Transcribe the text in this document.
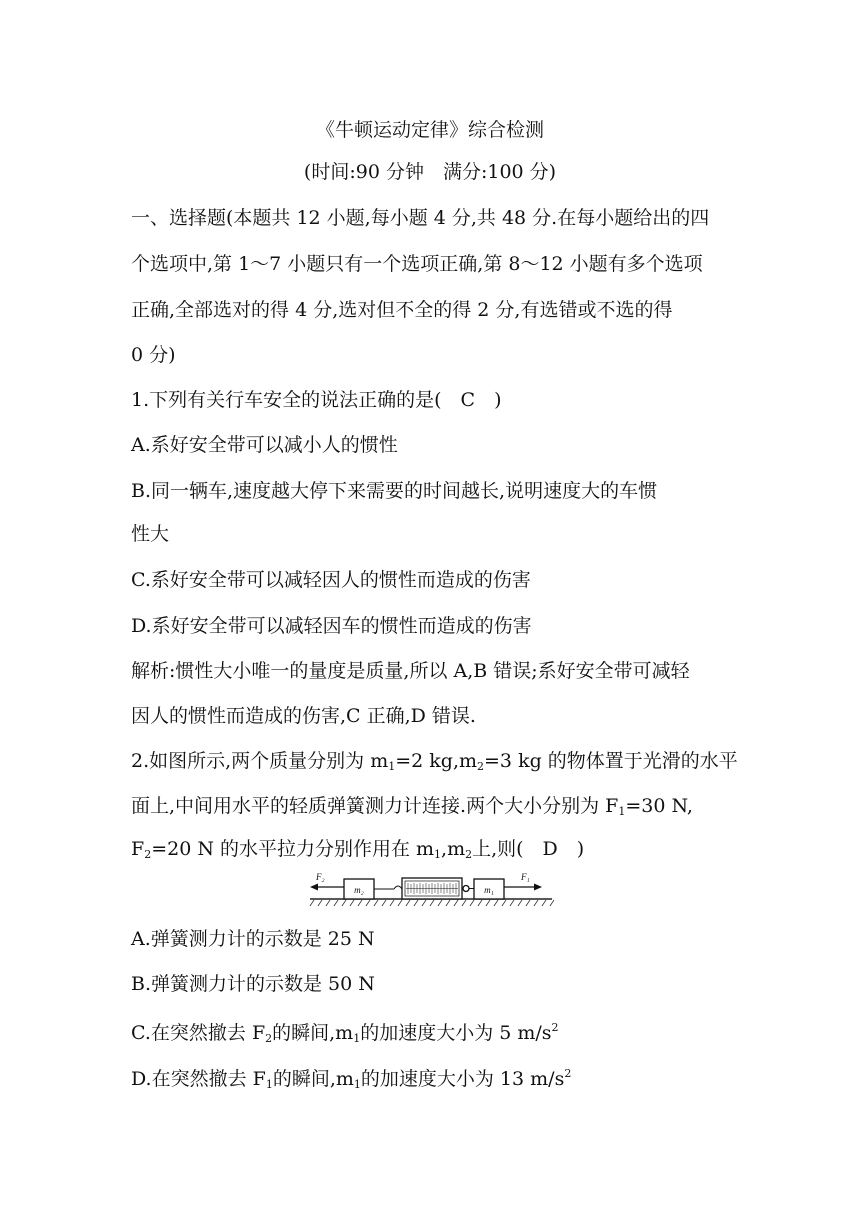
《牛顿运动定律》综合检测
(时间:90 分钟　满分:100 分)
一、选择题(本题共 12 小题,每小题 4 分,共 48 分.在每小题给出的四
个选项中,第 1～7 小题只有一个选项正确,第 8～12 小题有多个选项
正确,全部选对的得 4 分,选对但不全的得 2 分,有选错或不选的得
0 分)
1.下列有关行车安全的说法正确的是(　C　)
A.系好安全带可以减小人的惯性
B.同一辆车,速度越大停下来需要的时间越长,说明速度大的车惯
性大
C.系好安全带可以减轻因人的惯性而造成的伤害
D.系好安全带可以减轻因车的惯性而造成的伤害
解析:惯性大小唯一的量度是质量,所以 A,B 错误;系好安全带可减轻
因人的惯性而造成的伤害,C 正确,D 错误.
2.如图所示,两个质量分别为 $m_1=2$ $kg,m_2=3$ kg 的物体置于光滑的水平
面上,中间用水平的轻质弹簧测力计连接.两个大小分别为 $F_1=30$ N,
$F_2=20$ N 的水平拉力分别作用在 $m_1,m_2$上,则(　D　)
F₂
m₂	m₁
F₁
A.弹簧测力计的示数是 25 N
B.弹簧测力计的示数是 50 N
C.在突然撤去 $F_2$的瞬间$,m_1$的加速度大小为 5 $m/s^2$
D.在突然撤去 $F_1$的瞬间$,m_1$的加速度大小为 13 $m/s^2$
